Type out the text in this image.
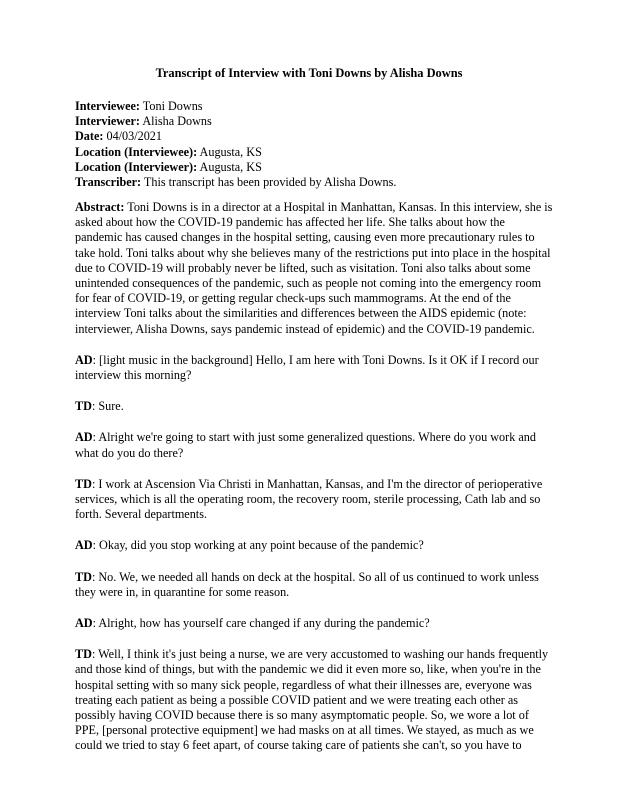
Transcript of Interview with Toni Downs by Alisha Downs
Interviewee: Toni Downs
Interviewer: Alisha Downs
Date: 04/03/2021
Location (Interviewee): Augusta, KS
Location (Interviewer): Augusta, KS
Transcriber: This transcript has been provided by Alisha Downs.

Abstract: Toni Downs is in a director at a Hospital in Manhattan, Kansas. In this interview, she is asked about how the COVID-19 pandemic has affected her life. She talks about how the pandemic has caused changes in the hospital setting, causing even more precautionary rules to take hold. Toni talks about why she believes many of the restrictions put into place in the hospital due to COVID-19 will probably never be lifted, such as visitation. Toni also talks about some unintended consequences of the pandemic, such as people not coming into the emergency room for fear of COVID-19, or getting regular check-ups such mammograms. At the end of the interview Toni talks about the similarities and differences between the AIDS epidemic (note: interviewer, Alisha Downs, says pandemic instead of epidemic) and the COVID-19 pandemic.

AD: [light music in the background] Hello, I am here with Toni Downs. Is it OK if I record our interview this morning?

TD: Sure.

AD: Alright we're going to start with just some generalized questions. Where do you work and what do you do there?

TD: I work at Ascension Via Christi in Manhattan, Kansas, and I'm the director of perioperative services, which is all the operating room, the recovery room, sterile processing, Cath lab and so forth. Several departments.

AD: Okay, did you stop working at any point because of the pandemic?

TD: No. We, we needed all hands on deck at the hospital. So all of us continued to work unless they were in, in quarantine for some reason.

AD: Alright, how has yourself care changed if any during the pandemic?

TD: Well, I think it's just being a nurse, we are very accustomed to washing our hands frequently and those kind of things, but with the pandemic we did it even more so, like, when you're in the hospital setting with so many sick people, regardless of what their illnesses are, everyone was treating each patient as being a possible COVID patient and we were treating each other as possibly having COVID because there is so many asymptomatic people. So, we wore a lot of PPE, [personal protective equipment] we had masks on at all times. We stayed, as much as we could we tried to stay 6 feet apart, of course taking care of patients she can't, so you have to
